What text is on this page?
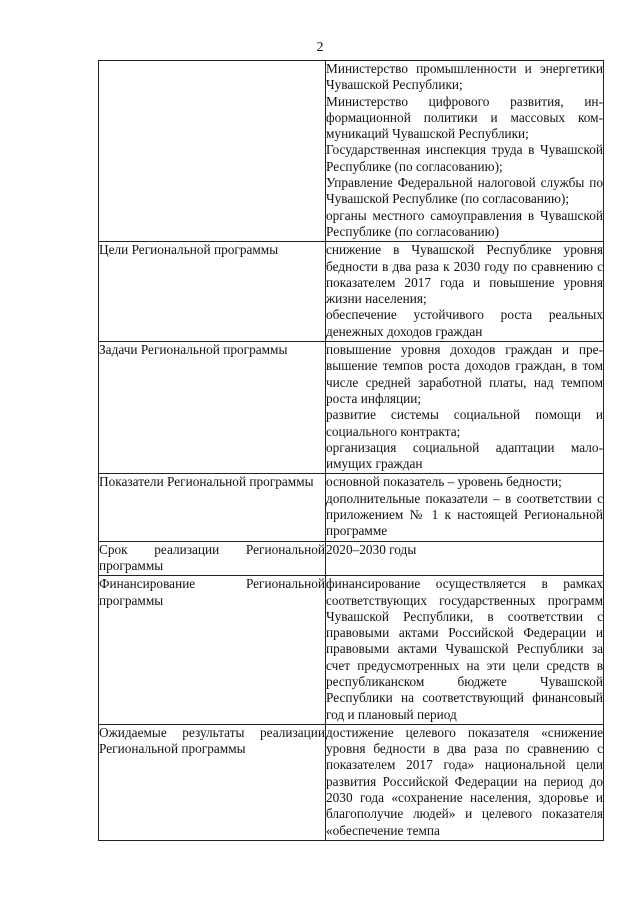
2

	Министерство промышленности и энергетики Чувашской Республики;

Министерство цифрового развития, информационной политики и массовых коммуникаций Чувашской Республики;

Государственная инспекция труда в Чувашской Республике (по согласованию);

Управление Федеральной налоговой службы по Чувашской Республике (по согласованию);

органы местного самоуправления в Чувашской Республике (по согласованию)

Цели Региональной программы	снижение в Чувашской Республике уровня бедности в два раза к 2030 году по сравнению с показателем 2017 года и повышение уровня жизни населения;

обеспечение устойчивого роста реальных денежных доходов граждан

Задачи Региональной программы	повышение уровня доходов граждан и превышение темпов роста доходов граждан, в том числе средней заработной платы, над темпом роста инфляции;

развитие системы социальной помощи и социального контракта;

организация социальной адаптации малоимущих граждан

Показатели Региональной программы	основной показатель – уровень бедности;

дополнительные показатели – в соответствии с приложением № 1 к настоящей Региональной программе

Срок реализации Региональной программы	2020–2030 годы

Финансирование Региональной программы	финансирование осуществляется в рамках соответствующих государственных программ Чувашской Республики, в соответствии с правовыми актами Российской Федерации и правовыми актами Чувашской Республики за счет предусмотренных на эти цели средств в республиканском бюджете Чувашской Республики на соответствующий финансовый год и плановый период

Ожидаемые результаты реализации Региональной программы	достижение целевого показателя «снижение уровня бедности в два раза по сравнению с показателем 2017 года» национальной цели развития Российской Федерации на период до 2030 года «сохранение населения, здоровье и благополучие людей» и целевого показателя «обеспечение темпа
